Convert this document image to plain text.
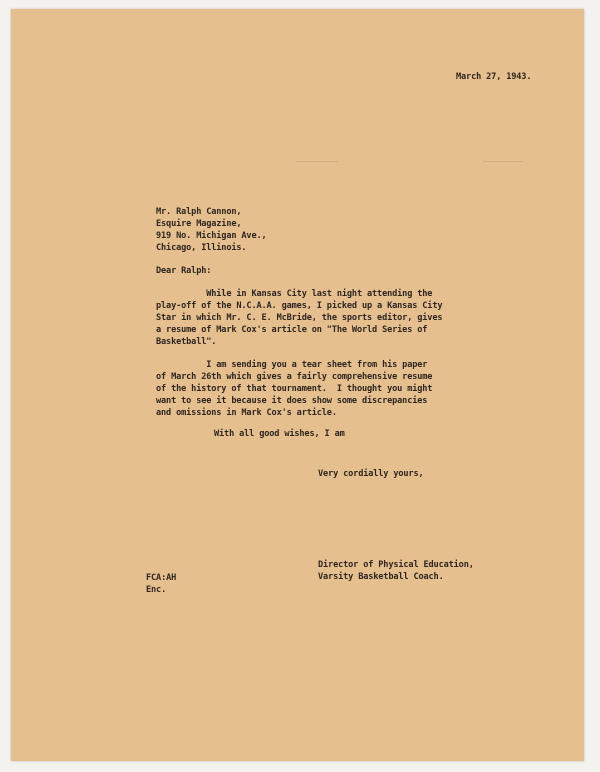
March 27, 1943.

Mr. Ralph Cannon,

Esquire Magazine,

919 No. Michigan Ave.,

Chicago, Illinois.

Dear Ralph:

While in Kansas City last night attending the

play-off of the N.C.A.A. games, I picked up a Kansas City

Star in which Mr. C. E. McBride, the sports editor, gives

a resume of Mark Cox's article on "The World Series of

Basketball".

I am sending you a tear sheet from his paper

of March 26th which gives a fairly comprehensive resume

of the history of that tournament.  I thought you might

want to see it because it does show some discrepancies

and omissions in Mark Cox's article.

With all good wishes, I am

Very cordially yours,

Director of Physical Education,

Varsity Basketball Coach.

FCA:AH

Enc.
